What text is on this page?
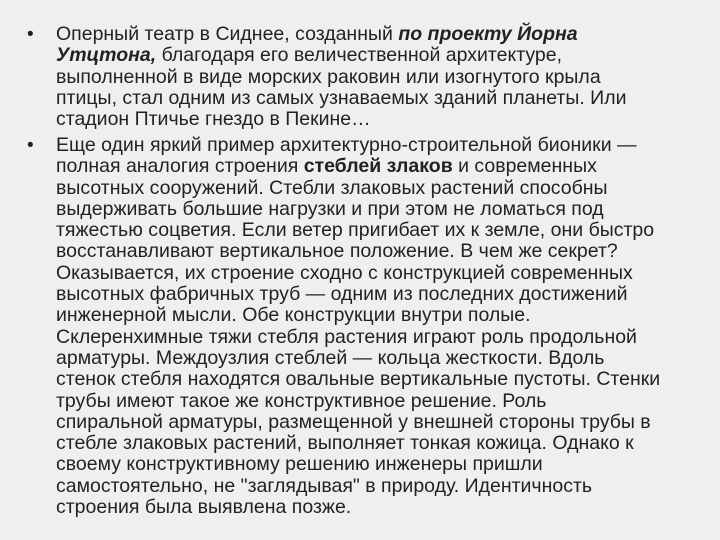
• Оперный театр в Сиднее, созданный по проекту Йорна
Утцтона, благодаря его величественной архитектуре,
выполненной в виде морских раковин или изогнутого крыла
птицы, стал одним из самых узнаваемых зданий планеты. Или
стадион Птичье гнездо в Пекине…
• Еще один яркий пример архитектурно-строительной бионики —
полная аналогия строения стеблей злаков и современных
высотных сооружений. Стебли злаковых растений способны
выдерживать большие нагрузки и при этом не ломаться под
тяжестью соцветия. Если ветер пригибает их к земле, они быстро
восстанавливают вертикальное положение. В чем же секрет?
Оказывается, их строение сходно с конструкцией современных
высотных фабричных труб — одним из последних достижений
инженерной мысли. Обе конструкции внутри полые.
Склеренхимные тяжи стебля растения играют роль продольной
арматуры. Междоузлия стеблей — кольца жесткости. Вдоль
стенок стебля находятся овальные вертикальные пустоты. Стенки
трубы имеют такое же конструктивное решение. Роль
спиральной арматуры, размещенной у внешней стороны трубы в
стебле злаковых растений, выполняет тонкая кожица. Однако к
своему конструктивному решению инженеры пришли
самостоятельно, не "заглядывая" в природу. Идентичность
строения была выявлена позже.
